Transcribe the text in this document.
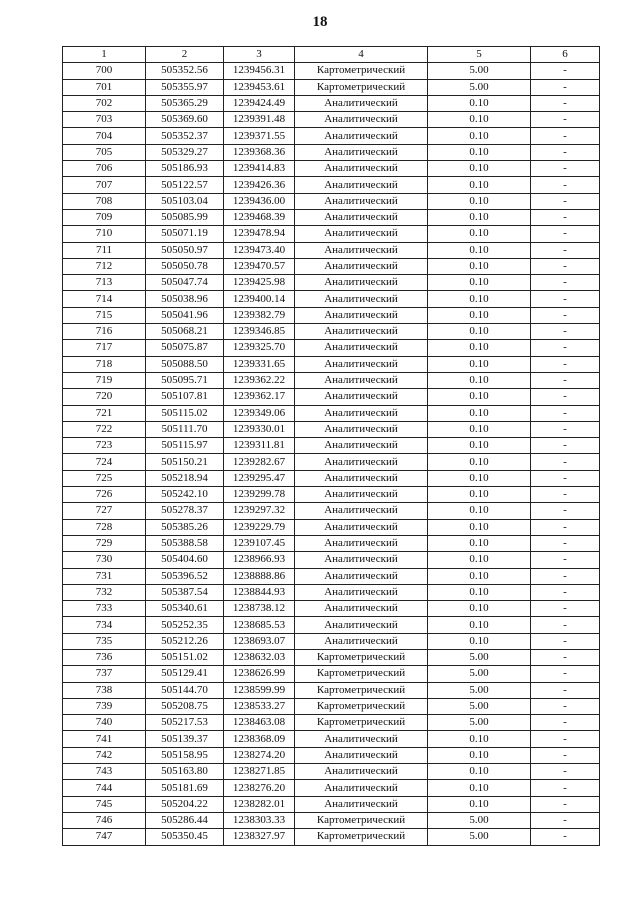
18
1	2	3	4	5	6
700	505352.56	1239456.31	Картометрический	5.00	-
701	505355.97	1239453.61	Картометрический	5.00	-
702	505365.29	1239424.49	Аналитический	0.10	-
703	505369.60	1239391.48	Аналитический	0.10	-
704	505352.37	1239371.55	Аналитический	0.10	-
705	505329.27	1239368.36	Аналитический	0.10	-
706	505186.93	1239414.83	Аналитический	0.10	-
707	505122.57	1239426.36	Аналитический	0.10	-
708	505103.04	1239436.00	Аналитический	0.10	-
709	505085.99	1239468.39	Аналитический	0.10	-
710	505071.19	1239478.94	Аналитический	0.10	-
711	505050.97	1239473.40	Аналитический	0.10	-
712	505050.78	1239470.57	Аналитический	0.10	-
713	505047.74	1239425.98	Аналитический	0.10	-
714	505038.96	1239400.14	Аналитический	0.10	-
715	505041.96	1239382.79	Аналитический	0.10	-
716	505068.21	1239346.85	Аналитический	0.10	-
717	505075.87	1239325.70	Аналитический	0.10	-
718	505088.50	1239331.65	Аналитический	0.10	-
719	505095.71	1239362.22	Аналитический	0.10	-
720	505107.81	1239362.17	Аналитический	0.10	-
721	505115.02	1239349.06	Аналитический	0.10	-
722	505111.70	1239330.01	Аналитический	0.10	-
723	505115.97	1239311.81	Аналитический	0.10	-
724	505150.21	1239282.67	Аналитический	0.10	-
725	505218.94	1239295.47	Аналитический	0.10	-
726	505242.10	1239299.78	Аналитический	0.10	-
727	505278.37	1239297.32	Аналитический	0.10	-
728	505385.26	1239229.79	Аналитический	0.10	-
729	505388.58	1239107.45	Аналитический	0.10	-
730	505404.60	1238966.93	Аналитический	0.10	-
731	505396.52	1238888.86	Аналитический	0.10	-
732	505387.54	1238844.93	Аналитический	0.10	-
733	505340.61	1238738.12	Аналитический	0.10	-
734	505252.35	1238685.53	Аналитический	0.10	-
735	505212.26	1238693.07	Аналитический	0.10	-
736	505151.02	1238632.03	Картометрический	5.00	-
737	505129.41	1238626.99	Картометрический	5.00	-
738	505144.70	1238599.99	Картометрический	5.00	-
739	505208.75	1238533.27	Картометрический	5.00	-
740	505217.53	1238463.08	Картометрический	5.00	-
741	505139.37	1238368.09	Аналитический	0.10	-
742	505158.95	1238274.20	Аналитический	0.10	-
743	505163.80	1238271.85	Аналитический	0.10	-
744	505181.69	1238276.20	Аналитический	0.10	-
745	505204.22	1238282.01	Аналитический	0.10	-
746	505286.44	1238303.33	Картометрический	5.00	-
747	505350.45	1238327.97	Картометрический	5.00	-
